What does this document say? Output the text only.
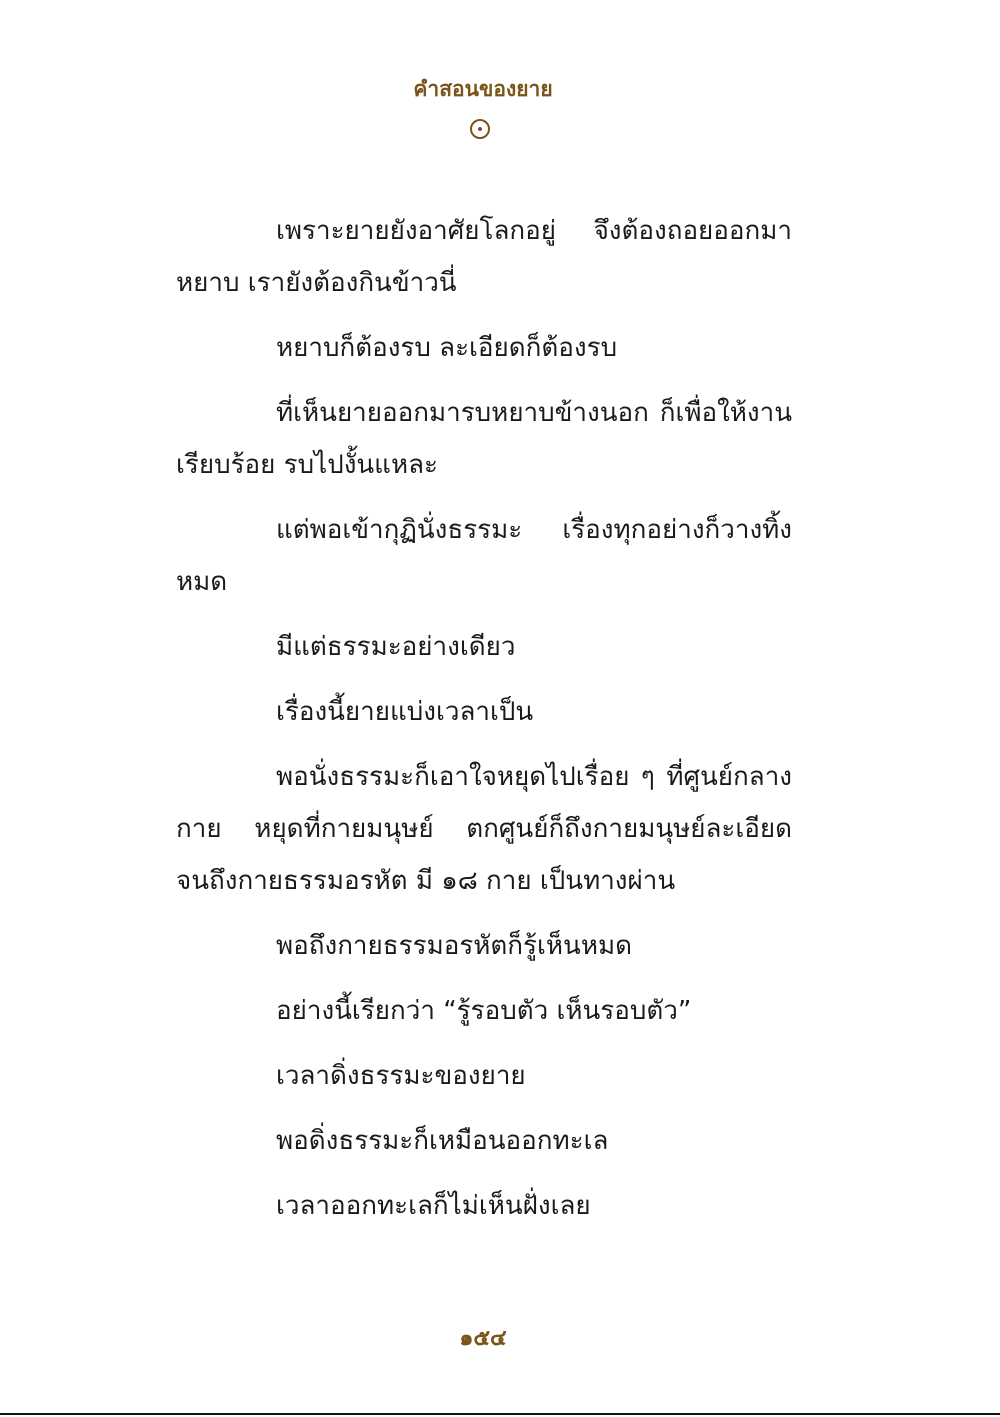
คำสอนของยาย

เพราะยายยังอาศัยโลกอยู่ จึงต้องถอยออกมาหยาบ เรายังต้องกินข้าวนี่

หยาบก็ต้องรบ ละเอียดก็ต้องรบ

ที่เห็นยายออกมารบหยาบข้างนอก ก็เพื่อให้งานเรียบร้อย รบไปงั้นแหละ

แต่พอเข้ากุฏินั่งธรรมะ เรื่องทุกอย่างก็วางทิ้งหมด

มีแต่ธรรมะอย่างเดียว

เรื่องนี้ยายแบ่งเวลาเป็น

พอนั่งธรรมะก็เอาใจหยุดไปเรื่อย ๆ ที่ศูนย์กลางกาย หยุดที่กายมนุษย์ ตกศูนย์ก็ถึงกายมนุษย์ละเอียดจนถึงกายธรรมอรหัต มี ๑๘ กาย เป็นทางผ่าน

พอถึงกายธรรมอรหัตก็รู้เห็นหมด

อย่างนี้เรียกว่า “รู้รอบตัว เห็นรอบตัว”

เวลาดิ่งธรรมะของยาย

พอดิ่งธรรมะก็เหมือนออกทะเล

เวลาออกทะเลก็ไม่เห็นฝั่งเลย

๑๕๔
